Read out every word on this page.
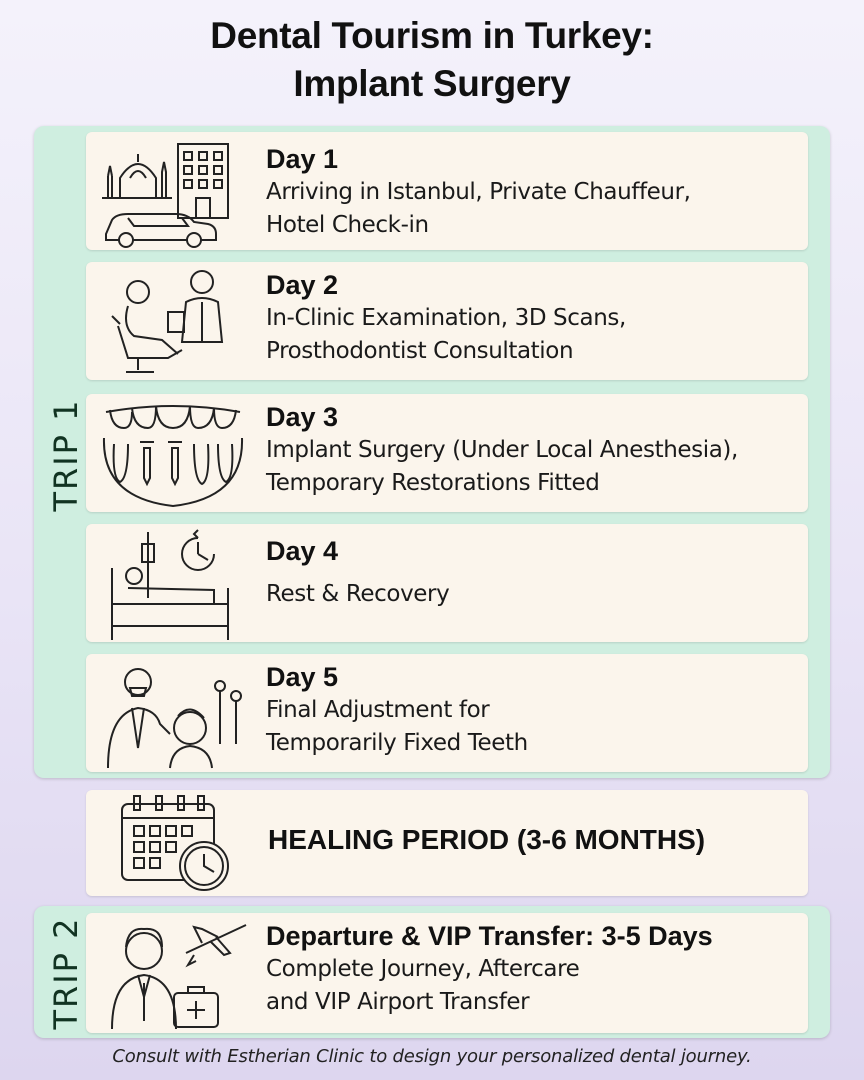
Dental Tourism in Turkey:
Implant Surgery
TRIP 1
TRIP 2
Day 1
Arriving in Istanbul, Private Chauffeur,
Hotel Check-in
Day 2
In-Clinic Examination, 3D Scans,
Prosthodontist Consultation
Day 3
Implant Surgery (Under Local Anesthesia),
Temporary Restorations Fitted
Day 4
Rest & Recovery
Day 5
Final Adjustment for
Temporarily Fixed Teeth
HEALING PERIOD (3-6 MONTHS)
Departure & VIP Transfer: 3-5 Days
Complete Journey, Aftercare
and VIP Airport Transfer
Consult with Estherian Clinic to design your personalized dental journey.
